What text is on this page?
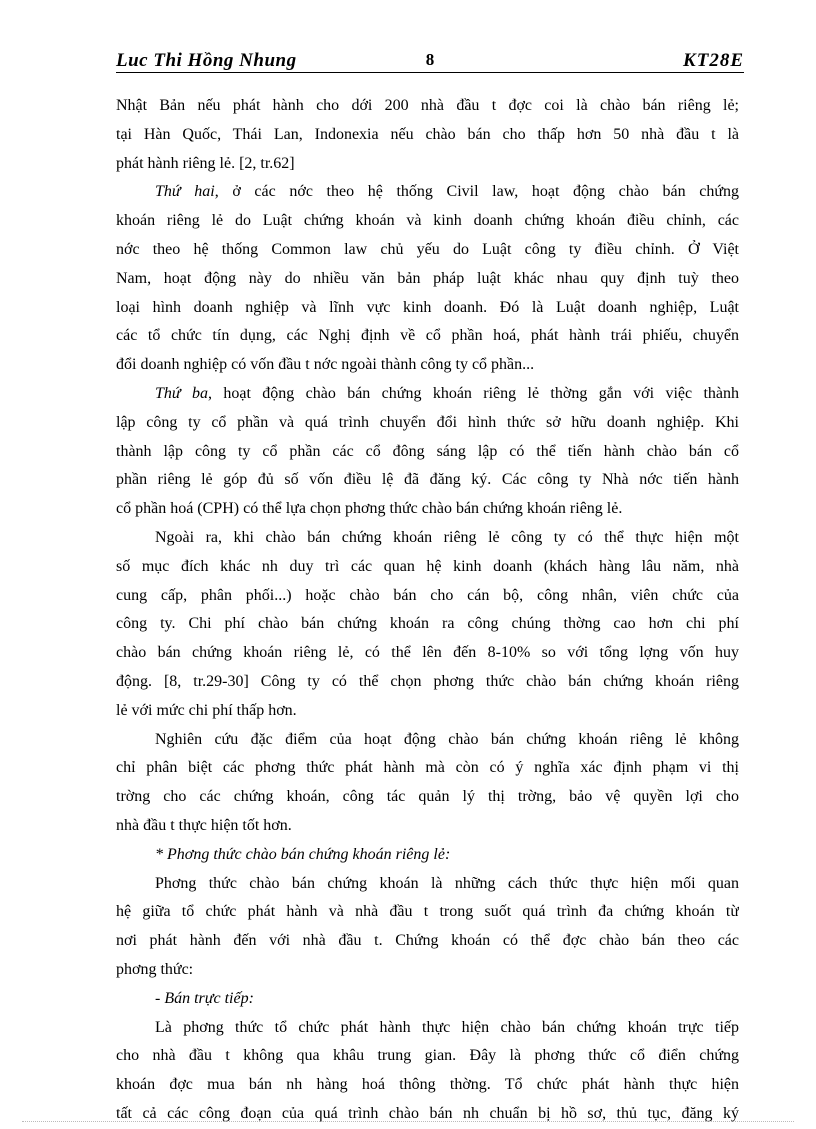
Luc Thi Hồng Nhung	8	KT28E
Nhật Bản nếu phát hành cho dới 200 nhà đầu t đợc coi là chào bán riêng lẻ;
tại Hàn Quốc, Thái Lan, Indonexia nếu chào bán cho thấp hơn 50 nhà đầu t là
phát hành riêng lẻ. [2, tr.62]
Thứ hai, ở các nớc theo hệ thống Civil law, hoạt động chào bán chứng
khoán riêng lẻ do Luật chứng khoán và kinh doanh chứng khoán điều chỉnh, các
nớc theo hệ thống Common law chủ yếu do Luật công ty điều chỉnh. Ở Việt
Nam, hoạt động này do nhiều văn bản pháp luật khác nhau quy định tuỳ theo
loại hình doanh nghiệp và lĩnh vực kinh doanh. Đó là Luật doanh nghiệp, Luật
các tổ chức tín dụng, các Nghị định về cổ phần hoá, phát hành trái phiếu, chuyển
đổi doanh nghiệp có vốn đầu t nớc ngoài thành công ty cổ phần...
Thứ ba, hoạt động chào bán chứng khoán riêng lẻ thờng gắn với việc thành
lập công ty cổ phần và quá trình chuyển đổi hình thức sở hữu doanh nghiệp. Khi
thành lập công ty cổ phần các cổ đông sáng lập có thể tiến hành chào bán cổ
phần riêng lẻ góp đủ số vốn điều lệ đã đăng ký. Các công ty Nhà nớc tiến hành
cổ phần hoá (CPH) có thể lựa chọn phơng thức chào bán chứng khoán riêng lẻ.
Ngoài ra, khi chào bán chứng khoán riêng lẻ công ty có thể thực hiện một
số mục đích khác nh duy trì các quan hệ kinh doanh (khách hàng lâu năm, nhà
cung cấp, phân phối...) hoặc chào bán cho cán bộ, công nhân, viên chức của
công ty. Chi phí chào bán chứng khoán ra công chúng thờng cao hơn chi phí
chào bán chứng khoán riêng lẻ, có thể lên đến 8-10% so với tổng lợng vốn huy
động. [8, tr.29-30] Công ty có thể chọn phơng thức chào bán chứng khoán riêng
lẻ với mức chi phí thấp hơn.
Nghiên cứu đặc điểm của hoạt động chào bán chứng khoán riêng lẻ không
chỉ phân biệt các phơng thức phát hành mà còn có ý nghĩa xác định phạm vi thị
trờng cho các chứng khoán, công tác quản lý thị trờng, bảo vệ quyền lợi cho
nhà đầu t thực hiện tốt hơn.
* Phơng thức chào bán chứng khoán riêng lẻ:
Phơng thức chào bán chứng khoán là những cách thức thực hiện mối quan
hệ giữa tổ chức phát hành và nhà đầu t trong suốt quá trình đa chứng khoán từ
nơi phát hành đến với nhà đầu t. Chứng khoán có thể đợc chào bán theo các
phơng thức:
- Bán trực tiếp:
Là phơng thức tổ chức phát hành thực hiện chào bán chứng khoán trực tiếp
cho nhà đầu t không qua khâu trung gian. Đây là phơng thức cổ điển chứng
khoán đợc mua bán nh hàng hoá thông thờng. Tổ chức phát hành thực hiện
tất cả các công đoạn của quá trình chào bán nh chuẩn bị hồ sơ, thủ tục, đăng ký
